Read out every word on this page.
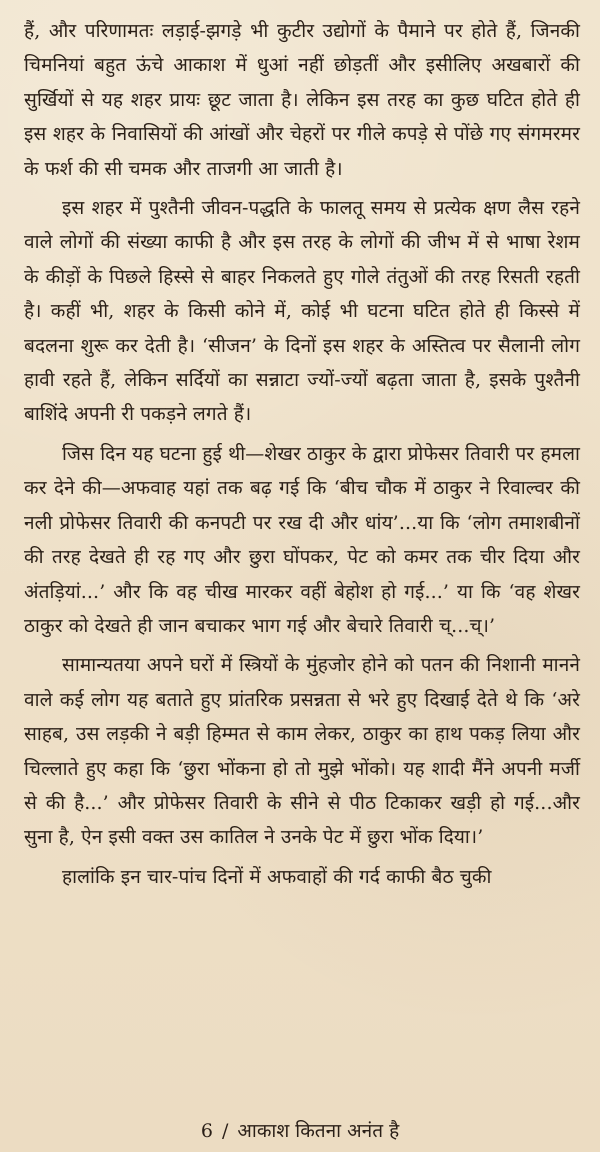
हैं, और परिणामतः लड़ाई-झगड़े भी कुटीर उद्योगों के पैमाने पर होते हैं, जिनकी चिमनियां बहुत ऊंचे आकाश में धुआं नहीं छोड़तीं और इसीलिए अखबारों की सुर्खियों से यह शहर प्रायः छूट जाता है। लेकिन इस तरह का कुछ घटित होते ही इस शहर के निवासियों की आंखों और चेहरों पर गीले कपड़े से पोंछे गए संगमरमर के फर्श की सी चमक और ताजगी आ जाती है।

इस शहर में पुश्तैनी जीवन-पद्धति के फालतू समय से प्रत्येक क्षण लैस रहने वाले लोगों की संख्या काफी है और इस तरह के लोगों की जीभ में से भाषा रेशम के कीड़ों के पिछले हिस्से से बाहर निकलते हुए गोले तंतुओं की तरह रिसती रहती है। कहीं भी, शहर के किसी कोने में, कोई भी घटना घटित होते ही किस्से में बदलना शुरू कर देती है। ‘सीजन’ के दिनों इस शहर के अस्तित्व पर सैलानी लोग हावी रहते हैं, लेकिन सर्दियों का सन्नाटा ज्यों-ज्यों बढ़ता जाता है, इसके पुश्तैनी बाशिंदे अपनी री पकड़ने लगते हैं।

जिस दिन यह घटना हुई थी—शेखर ठाकुर के द्वारा प्रोफेसर तिवारी पर हमला कर देने की—अफवाह यहां तक बढ़ गई कि ‘बीच चौक में ठाकुर ने रिवाल्वर की नली प्रोफेसर तिवारी की कनपटी पर रख दी और धांय’...या कि ‘लोग तमाशबीनों की तरह देखते ही रह गए और छुरा घोंपकर, पेट को कमर तक चीर दिया और अंतड़ियां...’ और कि वह चीख मारकर वहीं बेहोश हो गई...’ या कि ‘वह शेखर ठाकुर को देखते ही जान बचाकर भाग गई और बेचारे तिवारी च्...च्।’

सामान्यतया अपने घरों में स्त्रियों के मुंहजोर होने को पतन की निशानी मानने वाले कई लोग यह बताते हुए प्रांतरिक प्रसन्नता से भरे हुए दिखाई देते थे कि ‘अरे साहब, उस लड़की ने बड़ी हिम्मत से काम लेकर, ठाकुर का हाथ पकड़ लिया और चिल्लाते हुए कहा कि ‘छुरा भोंकना हो तो मुझे भोंको। यह शादी मैंने अपनी मर्जी से की है...’ और प्रोफेसर तिवारी के सीने से पीठ टिकाकर खड़ी हो गई...और सुना है, ऐन इसी वक्त उस कातिल ने उनके पेट में छुरा भोंक दिया।’

हालांकि इन चार-पांच दिनों में अफवाहों की गर्द काफी बैठ चुकी

6 / आकाश कितना अनंत है
